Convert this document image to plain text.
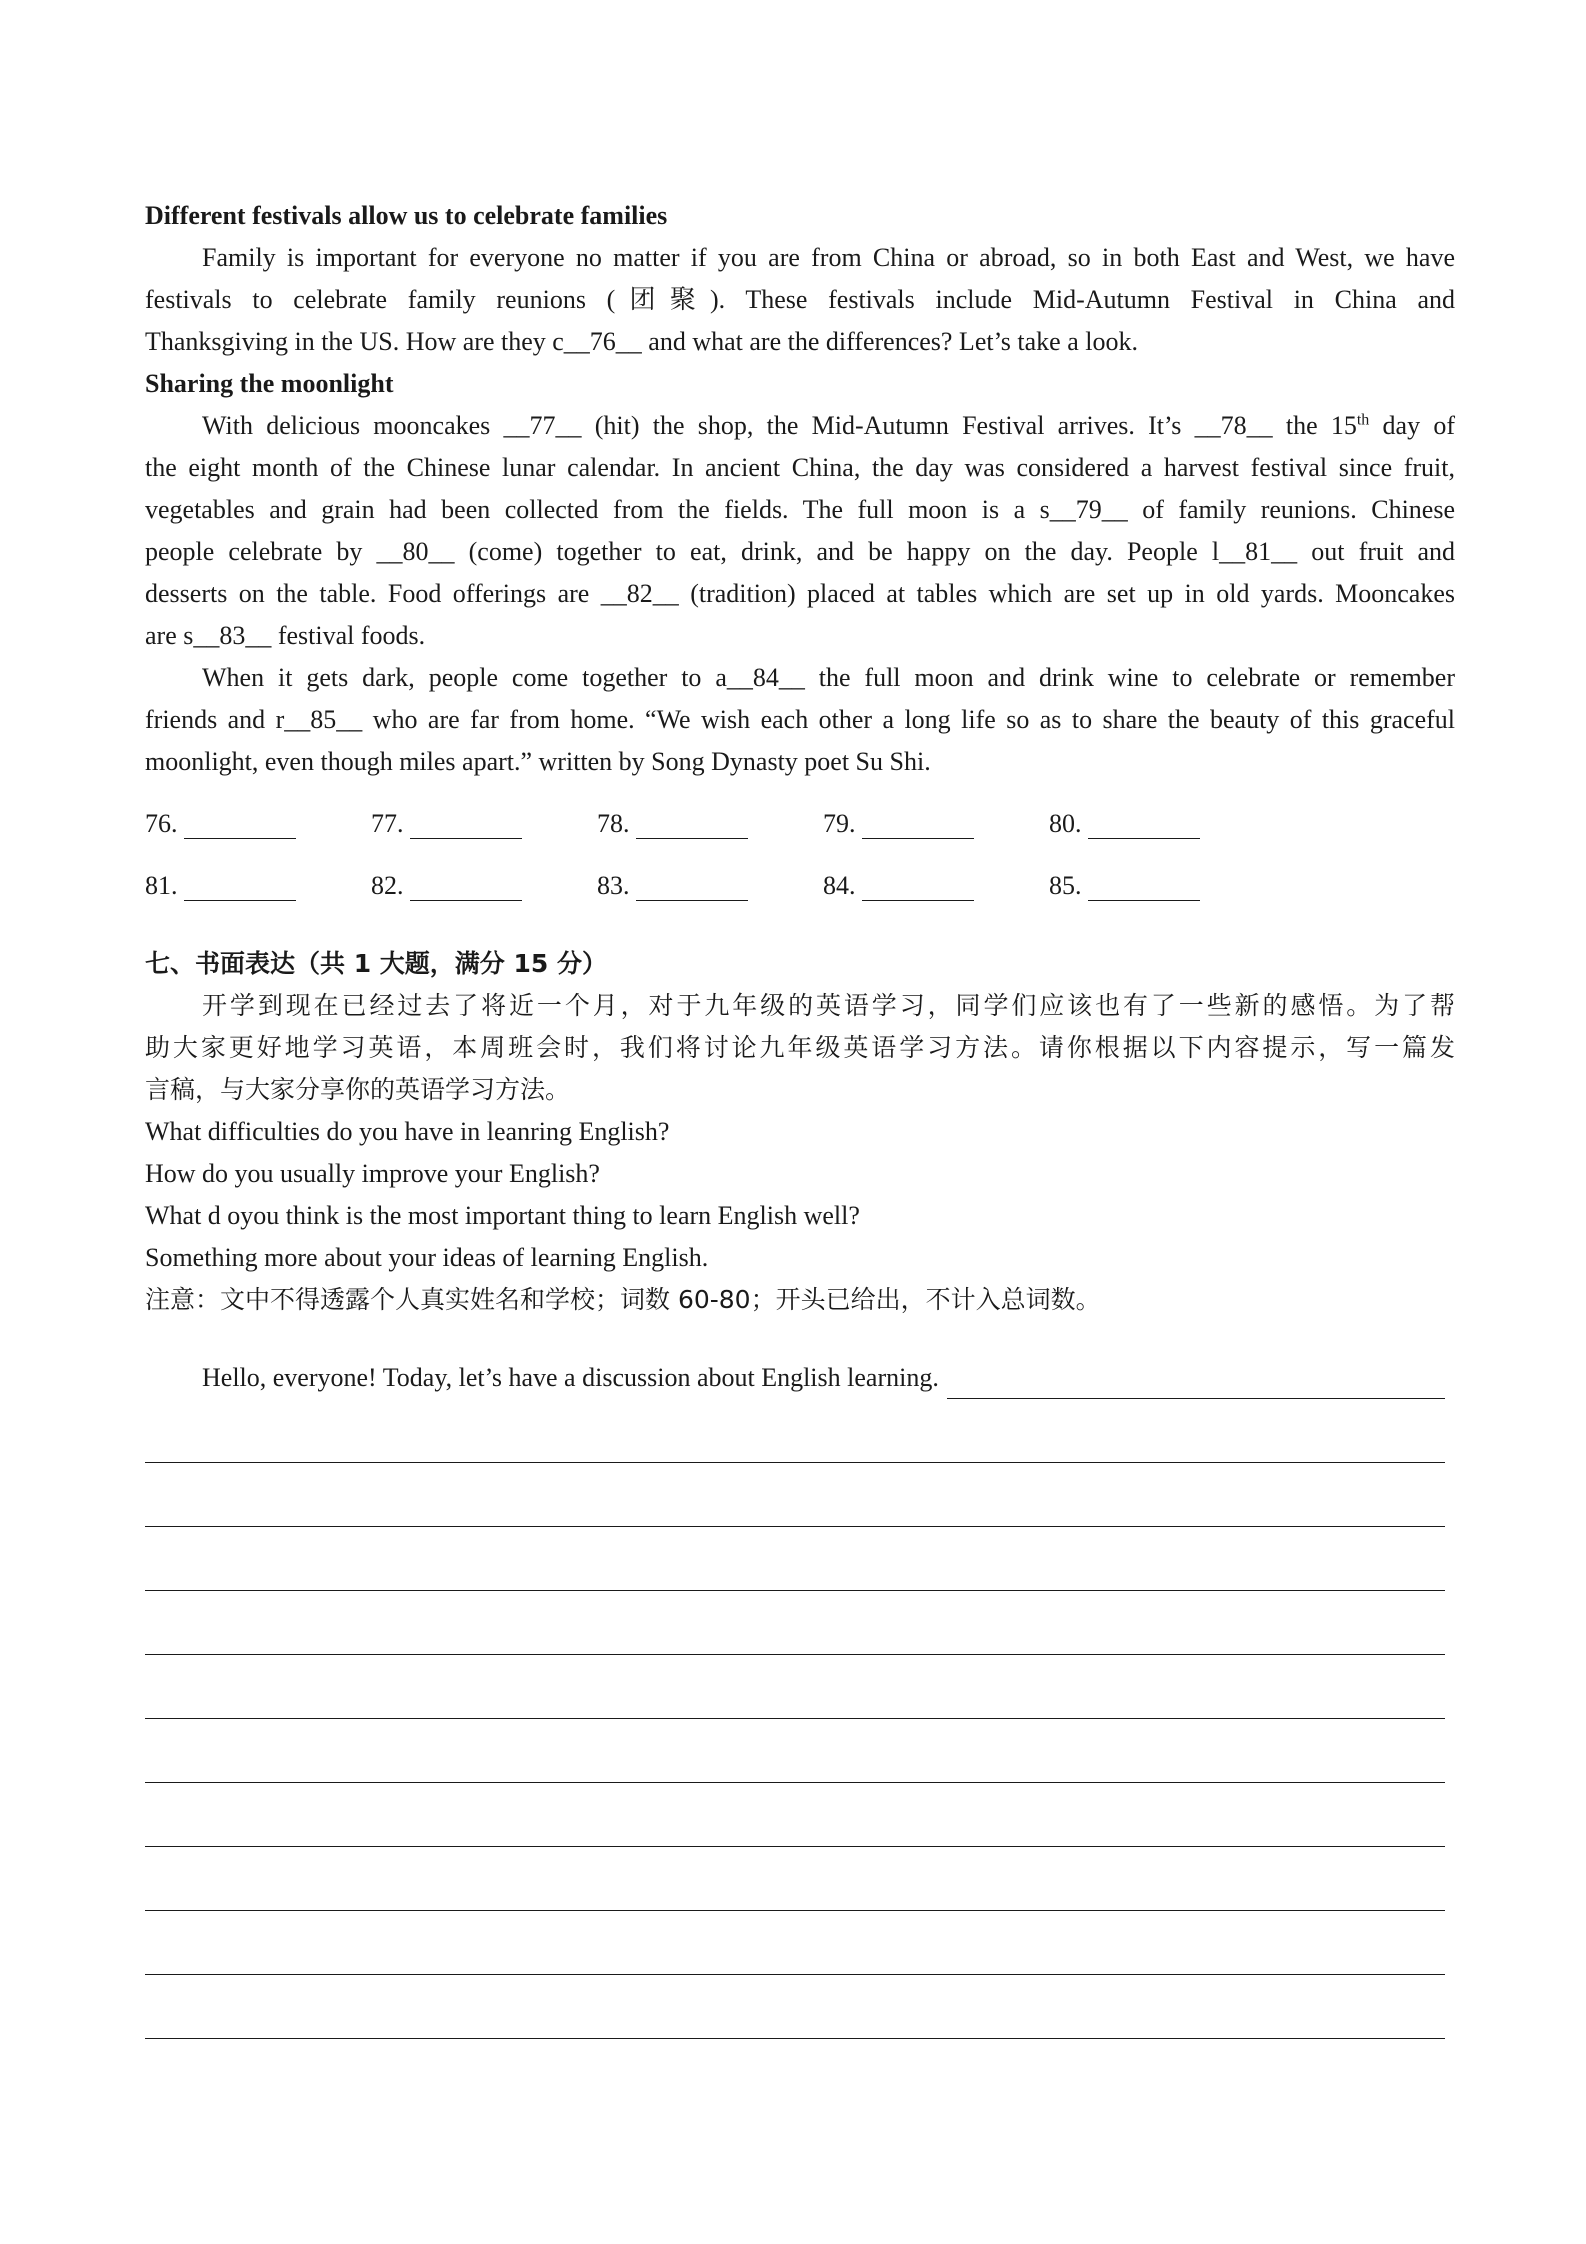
Different festivals allow us to celebrate families
Family is important for everyone no matter if you are from China or abroad, so in both East and West, we have
festivals to celebrate family reunions (团聚). These festivals include Mid-Autumn Festival in China and
Thanksgiving in the US. How are they c__76__ and what are the differences? Let’s take a look.
Sharing the moonlight
With delicious mooncakes __77__ (hit) the shop, the Mid-Autumn Festival arrives. It’s __78__ the 15th day of
the eight month of the Chinese lunar calendar. In ancient China, the day was considered a harvest festival since fruit,
vegetables and grain had been collected from the fields. The full moon is a s__79__ of family reunions. Chinese
people celebrate by __80__ (come) together to eat, drink, and be happy on the day. People l__81__ out fruit and
desserts on the table. Food offerings are __82__ (tradition) placed at tables which are set up in old yards. Mooncakes
are s__83__ festival foods.
When it gets dark, people come together to a__84__ the full moon and drink wine to celebrate or remember
friends and r__85__ who are far from home. “We wish each other a long life so as to share the beauty of this graceful
moonlight, even though miles apart.” written by Song Dynasty poet Su Shi.
76.	77.	78.	79.	80.
81.	82.	83.	84.	85.
七、书面表达（共 1 大题，满分 15 分）
开学到现在已经过去了将近一个月，对于九年级的英语学习，同学们应该也有了一些新的感悟。为了帮
助大家更好地学习英语，本周班会时，我们将讨论九年级英语学习方法。请你根据以下内容提示，写一篇发
言稿，与大家分享你的英语学习方法。
What difficulties do you have in leanring English?
How do you usually improve your English?
What d oyou think is the most important thing to learn English well?
Something more about your ideas of learning English.
注意：文中不得透露个人真实姓名和学校；词数 60-80；开头已给出，不计入总词数。
Hello, everyone! Today, let’s have a discussion about English learning.
